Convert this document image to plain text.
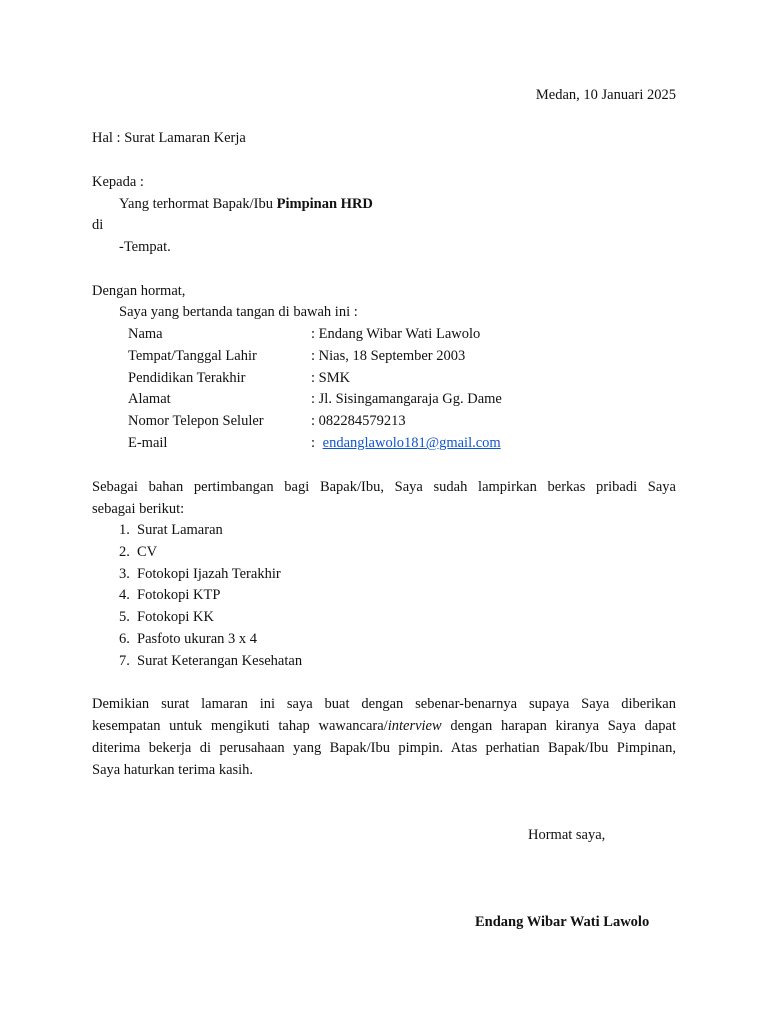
Medan, 10 Januari 2025
Hal : Surat Lamaran Kerja
Kepada :
Yang terhormat Bapak/Ibu Pimpinan HRD
di
-Tempat.
Dengan hormat,
Saya yang bertanda tangan di bawah ini :
Nama	: Endang Wibar Wati Lawolo
Tempat/Tanggal Lahir	: Nias, 18 September 2003
Pendidikan Terakhir	: SMK
Alamat	: Jl. Sisingamangaraja Gg. Dame
Nomor Telepon Seluler	: 082284579213
E-mail	: endanglawolo181@gmail.com
Sebagai bahan pertimbangan bagi Bapak/Ibu, Saya sudah lampirkan berkas pribadi Saya
sebagai berikut:
1. Surat Lamaran
2. CV
3. Fotokopi Ijazah Terakhir
4. Fotokopi KTP
5. Fotokopi KK
6. Pasfoto ukuran 3 x 4
7. Surat Keterangan Kesehatan
Demikian surat lamaran ini saya buat dengan sebenar-benarnya supaya Saya diberikan
kesempatan untuk mengikuti tahap wawancara/interview dengan harapan kiranya Saya dapat
diterima bekerja di perusahaan yang Bapak/Ibu pimpin. Atas perhatian Bapak/Ibu Pimpinan,
Saya haturkan terima kasih.
Hormat saya,
Endang Wibar Wati Lawolo
